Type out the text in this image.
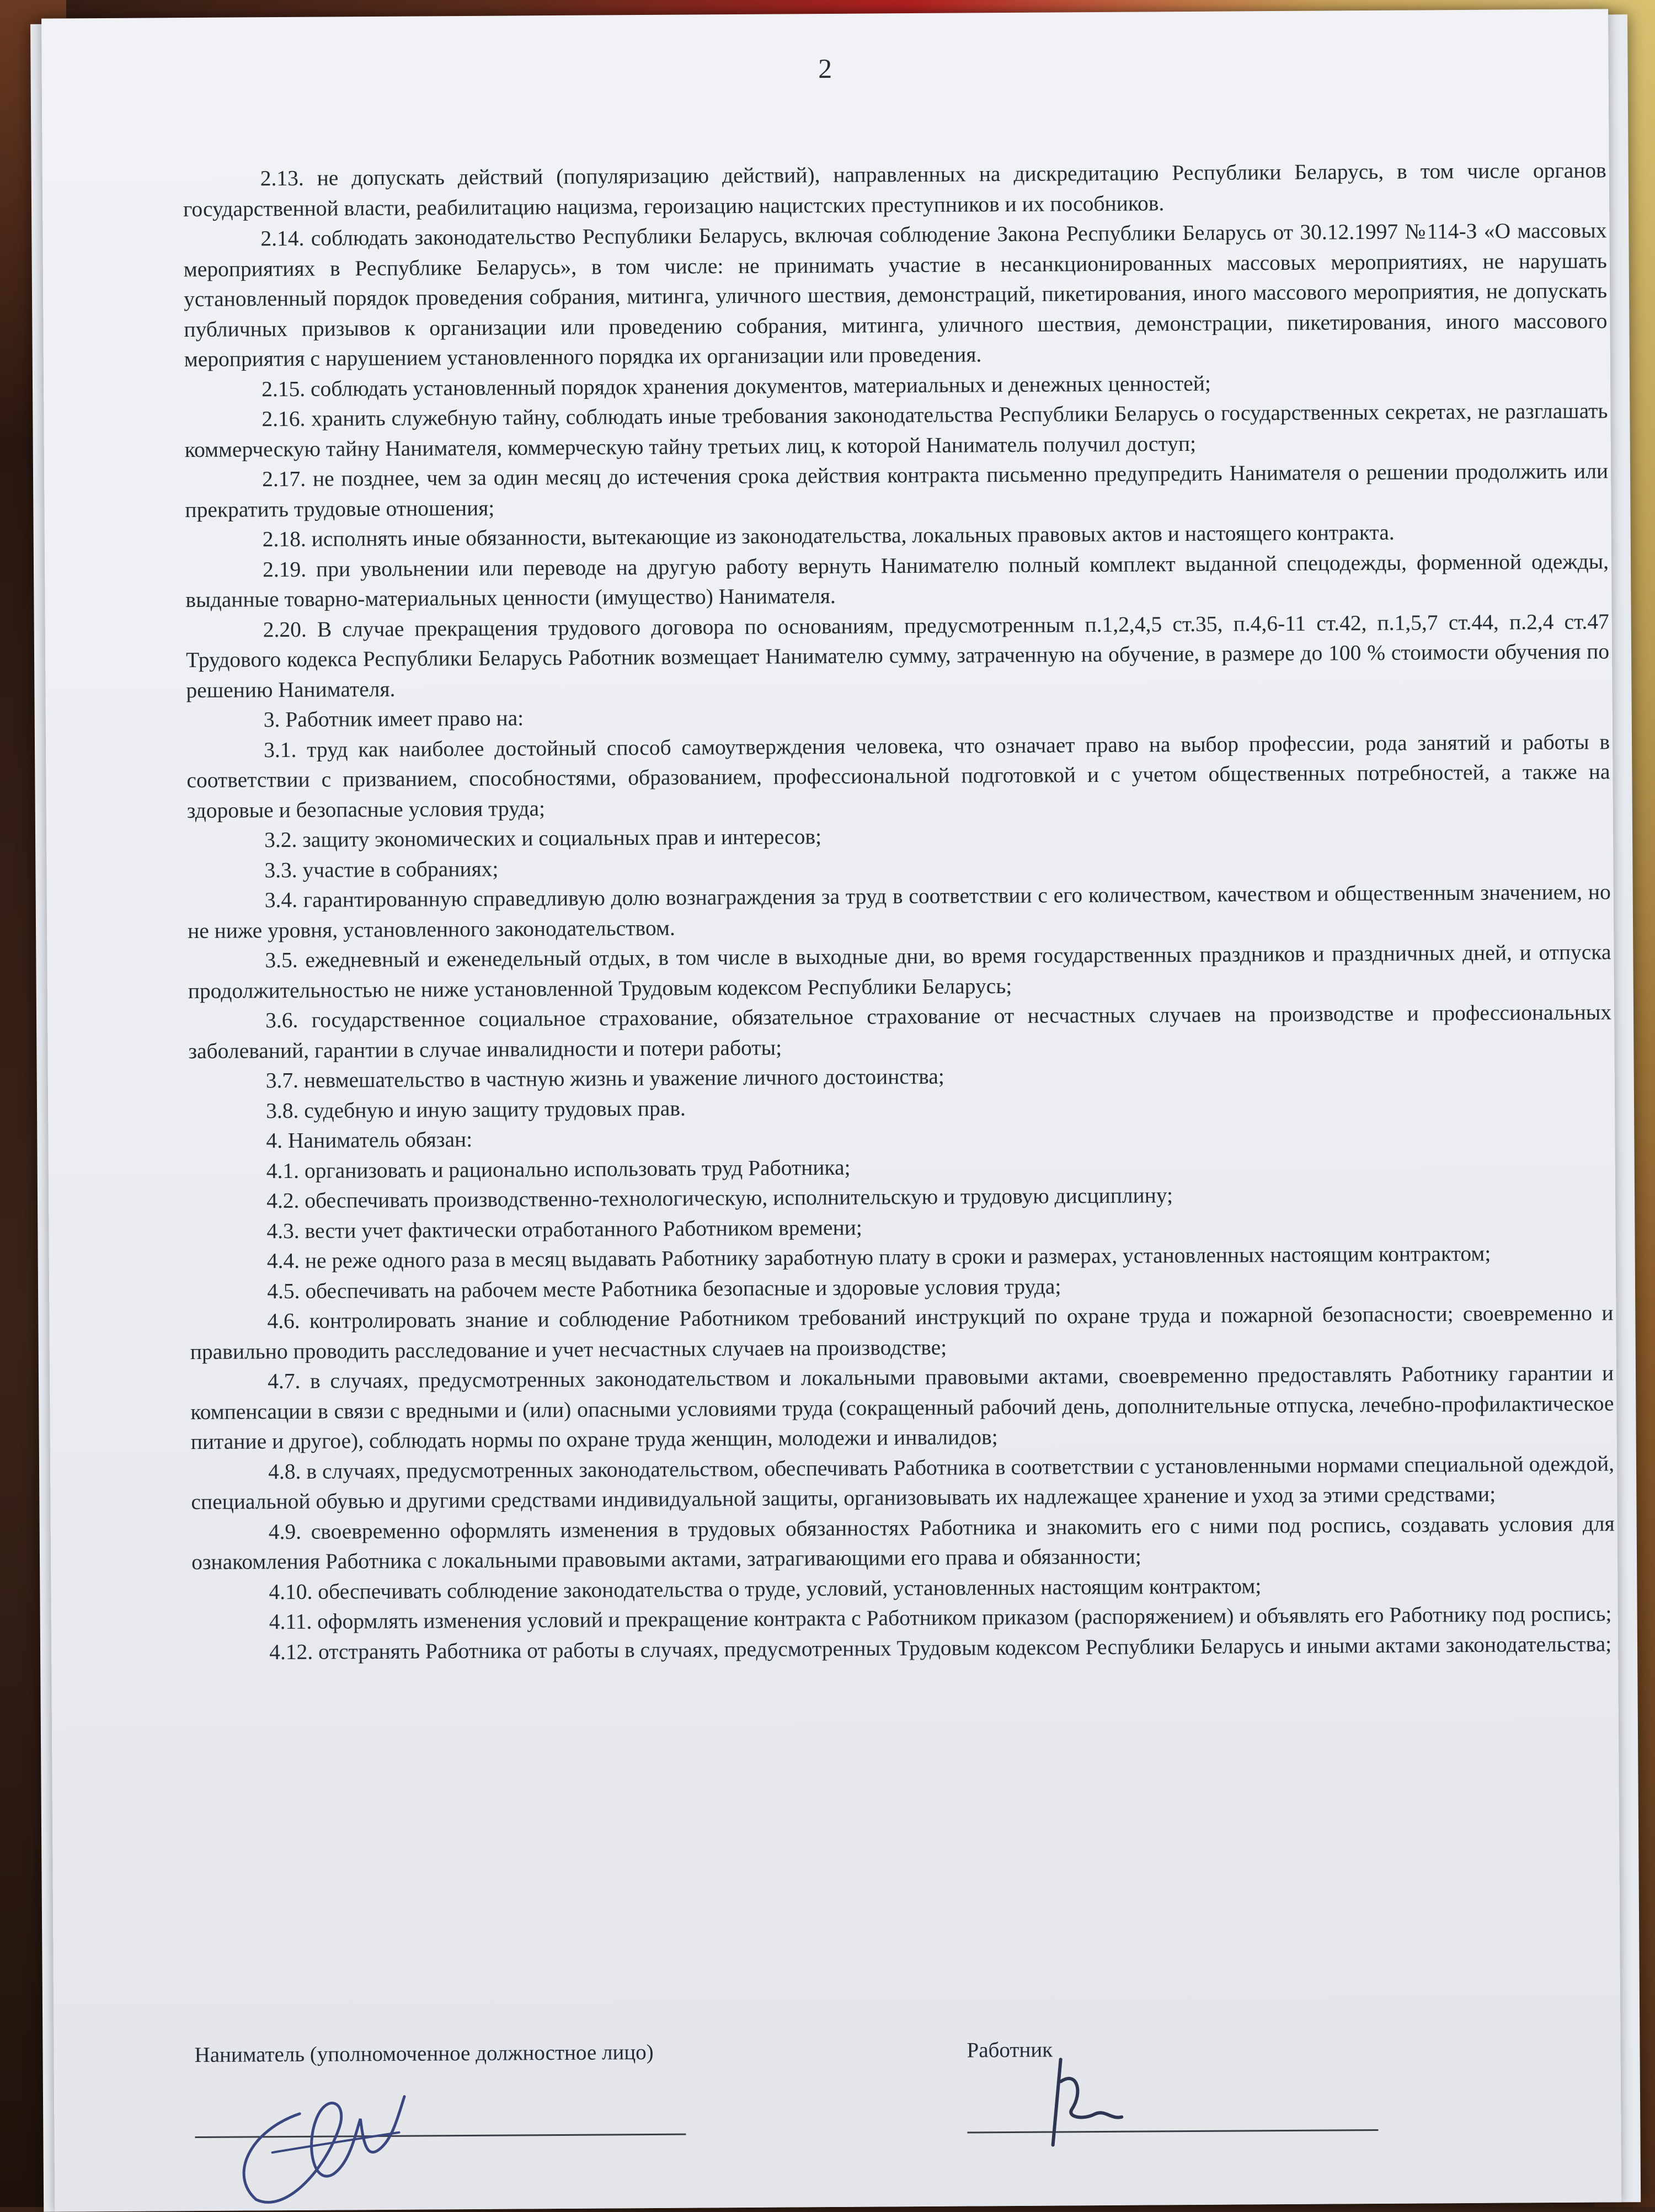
2

2.13. не допускать действий (популяризацию действий), направленных на дискредитацию Республики Беларусь, в том числе органов государственной власти, реабилитацию нацизма, героизацию нацистских преступников и их пособников.

2.14. соблюдать законодательство Республики Беларусь, включая соблюдение Закона Республики Беларусь от 30.12.1997 №114-З «О массовых мероприятиях в Республике Беларусь», в том числе: не принимать участие в несанкционированных массовых мероприятиях, не нарушать установленный порядок проведения собрания, митинга, уличного шествия, демонстраций, пикетирования, иного массового мероприятия, не допускать публичных призывов к организации или проведению собрания, митинга, уличного шествия, демонстрации, пикетирования, иного массового мероприятия с нарушением установленного порядка их организации или проведения.

2.15. соблюдать установленный порядок хранения документов, материальных и денежных ценностей;

2.16. хранить служебную тайну, соблюдать иные требования законодательства Республики Беларусь о государственных секретах, не разглашать коммерческую тайну Нанимателя, коммерческую тайну третьих лиц, к которой Наниматель получил доступ;

2.17. не позднее, чем за один месяц до истечения срока действия контракта письменно предупредить Нанимателя о решении продолжить или прекратить трудовые отношения;

2.18. исполнять иные обязанности, вытекающие из законодательства, локальных правовых актов и настоящего контракта.

2.19. при увольнении или переводе на другую работу вернуть Нанимателю полный комплект выданной спецодежды, форменной одежды, выданные товарно-материальных ценности (имущество) Нанимателя.

2.20. В случае прекращения трудового договора по основаниям, предусмотренным п.1,2,4,5 ст.35, п.4,6-11 ст.42, п.1,5,7 ст.44, п.2,4 ст.47 Трудового кодекса Республики Беларусь Работник возмещает Нанимателю сумму, затраченную на обучение, в размере до 100 % стоимости обучения по решению Нанимателя.

3. Работник имеет право на:

3.1. труд как наиболее достойный способ самоутверждения человека, что означает право на выбор профессии, рода занятий и работы в соответствии с призванием, способностями, образованием, профессиональной подготовкой и с учетом общественных потребностей, а также на здоровые и безопасные условия труда;

3.2. защиту экономических и социальных прав и интересов;

3.3. участие в собраниях;

3.4. гарантированную справедливую долю вознаграждения за труд в соответствии с его количеством, качеством и общественным значением, но не ниже уровня, установленного законодательством.

3.5. ежедневный и еженедельный отдых, в том числе в выходные дни, во время государственных праздников и праздничных дней, и отпуска продолжительностью не ниже установленной Трудовым кодексом Республики Беларусь;

3.6. государственное социальное страхование, обязательное страхование от несчастных случаев на производстве и профессиональных заболеваний, гарантии в случае инвалидности и потери работы;

3.7. невмешательство в частную жизнь и уважение личного достоинства;

3.8. судебную и иную защиту трудовых прав.

4. Наниматель обязан:

4.1. организовать и рационально использовать труд Работника;

4.2. обеспечивать производственно-технологическую, исполнительскую и трудовую дисциплину;

4.3. вести учет фактически отработанного Работником времени;

4.4. не реже одного раза в месяц выдавать Работнику заработную плату в сроки и размерах, установленных настоящим контрактом;

4.5. обеспечивать на рабочем месте Работника безопасные и здоровые условия труда;

4.6. контролировать знание и соблюдение Работником требований инструкций по охране труда и пожарной безопасности; своевременно и правильно проводить расследование и учет несчастных случаев на производстве;

4.7. в случаях, предусмотренных законодательством и локальными правовыми актами, своевременно предоставлять Работнику гарантии и компенсации в связи с вредными и (или) опасными условиями труда (сокращенный рабочий день, дополнительные отпуска, лечебно-профилактическое питание и другое), соблюдать нормы по охране труда женщин, молодежи и инвалидов;

4.8. в случаях, предусмотренных законодательством, обеспечивать Работника в соответствии с установленными нормами специальной одеждой, специальной обувью и другими средствами индивидуальной защиты, организовывать их надлежащее хранение и уход за этими средствами;

4.9. своевременно оформлять изменения в трудовых обязанностях Работника и знакомить его с ними под роспись, создавать условия для ознакомления Работника с локальными правовыми актами, затрагивающими его права и обязанности;

4.10. обеспечивать соблюдение законодательства о труде, условий, установленных настоящим контрактом;

4.11. оформлять изменения условий и прекращение контракта с Работником приказом (распоряжением) и объявлять его Работнику под роспись;

4.12. отстранять Работника от работы в случаях, предусмотренных Трудовым кодексом Республики Беларусь и иными актами законодательства;

Наниматель (уполномоченное должностное лицо)	Работник
